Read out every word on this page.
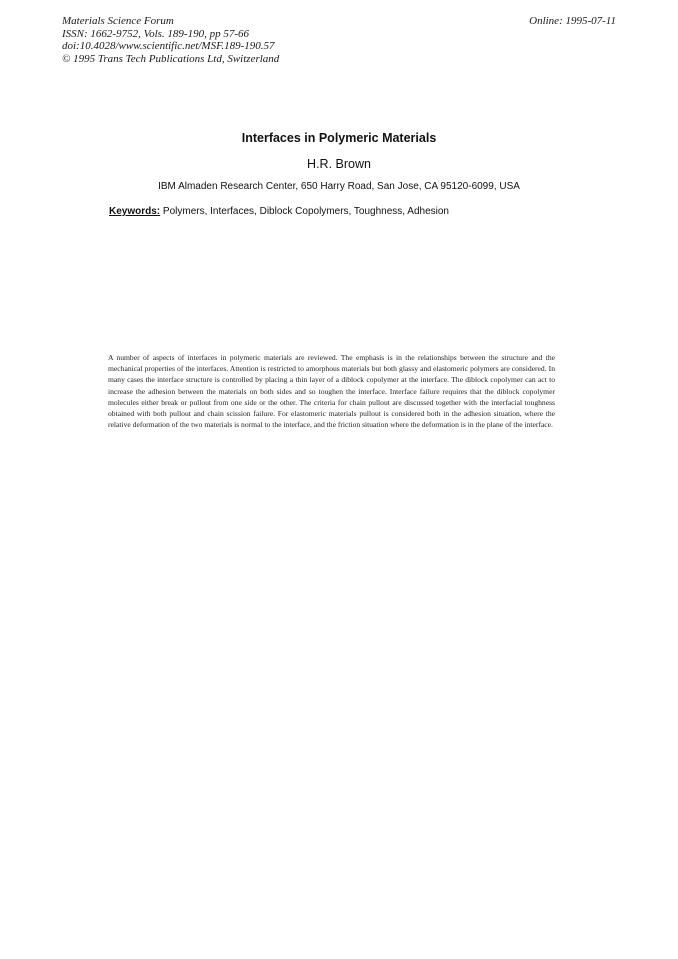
Materials Science Forum
ISSN: 1662-9752, Vols. 189-190, pp 57-66
doi:10.4028/www.scientific.net/MSF.189-190.57
© 1995 Trans Tech Publications Ltd, Switzerland
Online: 1995-07-11
Interfaces in Polymeric Materials
H.R. Brown
IBM Almaden Research Center, 650 Harry Road, San Jose, CA 95120-6099, USA
Keywords: Polymers, Interfaces, Diblock Copolymers, Toughness, Adhesion
A number of aspects of interfaces in polymeric materials are reviewed. The emphasis is in the relationships between the structure and the mechanical properties of the interfaces. Attention is restricted to amorphous materials but both glassy and elastomeric polymers are considered. In many cases the interface structure is controlled by placing a thin layer of a diblock copolymer at the interface. The diblock copolymer can act to increase the adhesion between the materials on both sides and so toughen the interface. Interface failure requires that the diblock copolymer molecules either break or pullout from one side or the other. The criteria for chain pullout are discussed together with the interfacial toughness obtained with both pullout and chain scission failure. For elastomeric materials pullout is considered both in the adhesion situation, where the relative deformation of the two materials is normal to the interface, and the friction situation where the deformation is in the plane of the interface.
